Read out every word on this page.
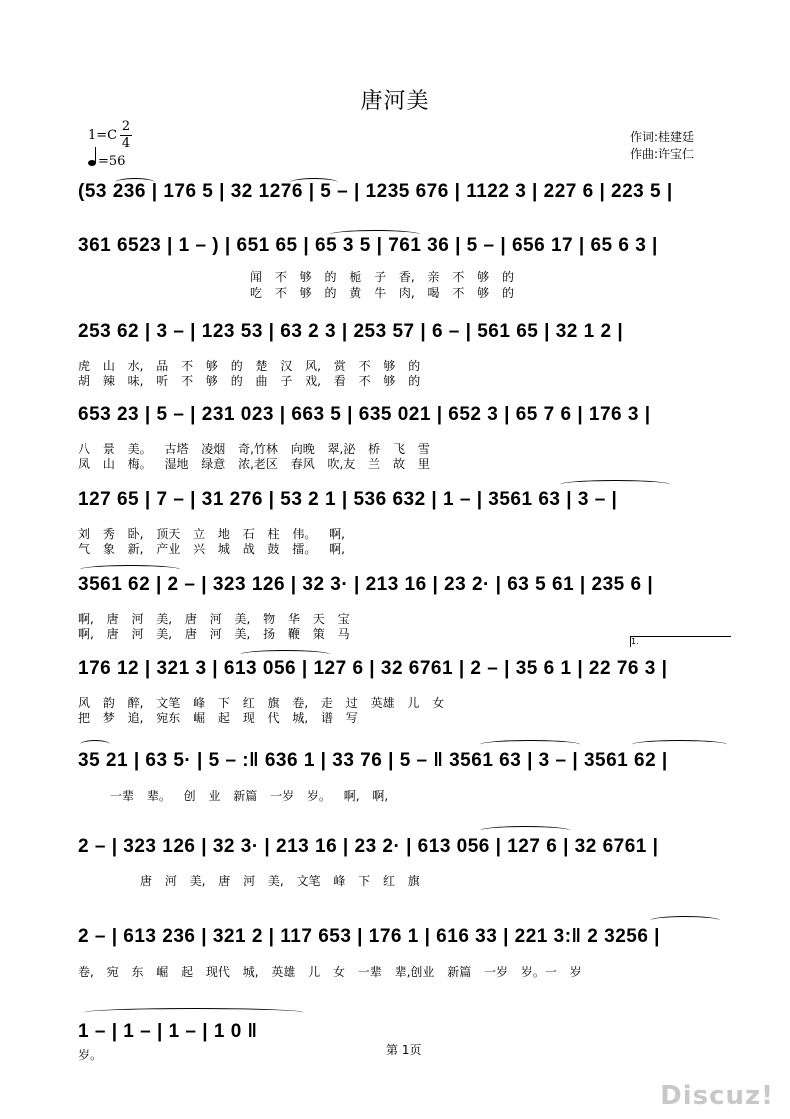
唐河美
1=C
2
4
=56
作词:桂建廷
作曲:许宝仁
(53 236 | 176 5 | 32 1276 | 5 – | 1235 676 | 1122 3 | 227 6 | 223 5 |
361 6523 | 1 – ) | 651 65 | 65 3 5 | 761 36 | 5 – | 656 17 | 65 6 3 |
闻 不 够 的 栀 子 香, 亲 不 够 的
吃 不 够 的 黄 牛 肉, 喝 不 够 的
253 62 | 3 – | 123 53 | 63 2 3 | 253 57 | 6 – | 561 65 | 32 1 2 |
虎 山 水, 品 不 够 的 楚 汉 风, 赏 不 够 的
胡 辣 味, 听 不 够 的 曲 子 戏, 看 不 够 的
653 23 | 5 – | 231 023 | 663 5 | 635 021 | 652 3 | 65 7 6 | 176 3 |
八 景 美。 古塔 凌烟 奇,竹林 向晚 翠,泌 桥 飞 雪
凤 山 梅。 湿地 绿意 浓,老区 春风 吹,友 兰 故 里
127 65 | 7 – | 31 276 | 53 2 1 | 536 632 | 1 – | 3561 63 | 3 – |
刘 秀 卧, 顶天 立 地 石 柱 伟。 啊,
气 象 新, 产业 兴 城 战 鼓 擂。 啊,
3561 62 | 2 – | 323 126 | 32 3· | 213 16 | 23 2· | 63 5 61 | 235 6 |
啊, 唐 河 美, 唐 河 美, 物 华 天 宝
啊, 唐 河 美, 唐 河 美, 扬 鞭 策 马
1.
176 12 | 321 3 | 613 056 | 127 6 | 32 6761 | 2 – | 35 6 1 | 22 76 3 |
风 韵 醉, 文笔 峰 下 红 旗 卷, 走 过 英雄 儿 女
把 梦 追, 宛东 崛 起 现 代 城, 谱 写
35 21 | 63 5· | 5 – :‖ 636 1 | 33 76 | 5 – ‖ 3561 63 | 3 – | 3561 62 |
一辈 辈。 创 业 新篇 一岁 岁。 啊, 啊,
2 – | 323 126 | 32 3· | 213 16 | 23 2· | 613 056 | 127 6 | 32 6761 |
唐 河 美, 唐 河 美, 文笔 峰 下 红 旗
2 – | 613 236 | 321 2 | 117 653 | 176 1 | 616 33 | 221 3:‖ 2 3256 |
卷, 宛 东 崛 起 现代 城, 英雄 儿 女 一辈 辈,创业 新篇 一岁 岁。一 岁
1 – | 1 – | 1 – | 1 0 ‖
岁。	第 1页
Discuz!
